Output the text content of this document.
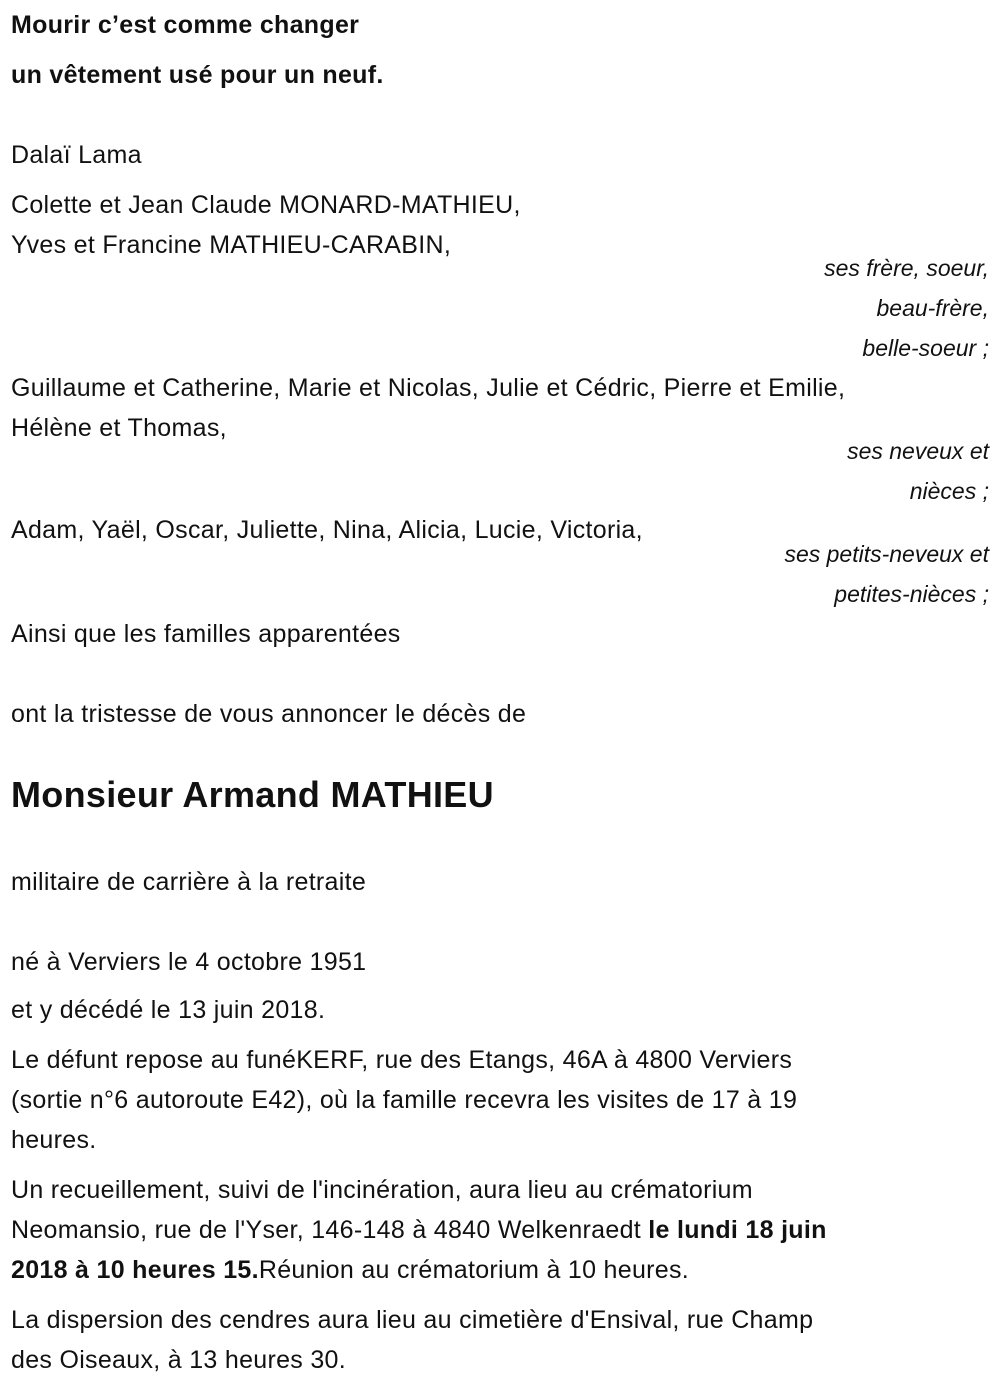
Mourir c’est comme changer
un vêtement usé pour un neuf.
Dalaï Lama
Colette et Jean Claude MONARD-MATHIEU,
Yves et Francine MATHIEU-CARABIN,
ses frère, soeur,
beau-frère,
belle-soeur ;
Guillaume et Catherine, Marie et Nicolas, Julie et Cédric, Pierre et Emilie,
Hélène et Thomas,
ses neveux et
nièces ;
Adam, Yaël, Oscar, Juliette, Nina, Alicia, Lucie, Victoria,
ses petits-neveux et
petites-nièces ;
Ainsi que les familles apparentées
ont la tristesse de vous annoncer le décès de
Monsieur Armand MATHIEU
militaire de carrière à la retraite
né à Verviers le 4 octobre 1951
et y décédé le 13 juin 2018.
Le défunt repose au funéKERF, rue des Etangs, 46A à 4800 Verviers
(sortie n°6 autoroute E42), où la famille recevra les visites de 17 à 19
heures.
Un recueillement, suivi de l'incinération, aura lieu au crématorium
Neomansio, rue de l'Yser, 146-148 à 4840 Welkenraedt le lundi 18 juin
2018 à 10 heures 15.Réunion au crématorium à 10 heures.
La dispersion des cendres aura lieu au cimetière d'Ensival, rue Champ
des Oiseaux, à 13 heures 30.
